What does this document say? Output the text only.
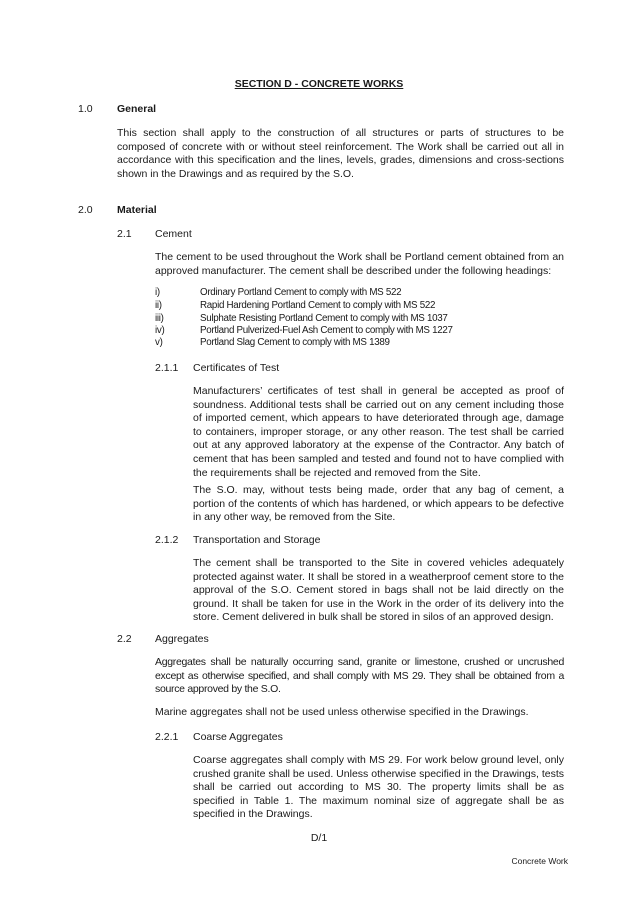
SECTION D - CONCRETE WORKS
1.0 General
This section shall apply to the construction of all structures or parts of structures to be composed of concrete with or without steel reinforcement. The Work shall be carried out all in accordance with this specification and the lines, levels, grades, dimensions and cross-sections shown in the Drawings and as required by the S.O.
2.0 Material
2.1 Cement
The cement to be used throughout the Work shall be Portland cement obtained from an approved manufacturer. The cement shall be described under the following headings:
i)	Ordinary Portland Cement to comply with MS 522
ii)	Rapid Hardening Portland Cement to comply with MS 522
iii)	Sulphate Resisting Portland Cement to comply with MS 1037
iv)	Portland Pulverized-Fuel Ash Cement to comply with MS 1227
v)	Portland Slag Cement to comply with MS 1389
2.1.1 Certificates of Test
Manufacturers’ certificates of test shall in general be accepted as proof of soundness. Additional tests shall be carried out on any cement including those of imported cement, which appears to have deteriorated through age, damage to containers, improper storage, or any other reason. The test shall be carried out at any approved laboratory at the expense of the Contractor. Any batch of cement that has been sampled and tested and found not to have complied with the requirements shall be rejected and removed from the Site.
The S.O. may, without tests being made, order that any bag of cement, a portion of the contents of which has hardened, or which appears to be defective in any other way, be removed from the Site.
2.1.2 Transportation and Storage
The cement shall be transported to the Site in covered vehicles adequately protected against water. It shall be stored in a weatherproof cement store to the approval of the S.O. Cement stored in bags shall not be laid directly on the ground. It shall be taken for use in the Work in the order of its delivery into the store. Cement delivered in bulk shall be stored in silos of an approved design.
2.2 Aggregates
Aggregates shall be naturally occurring sand, granite or limestone, crushed or uncrushed except as otherwise specified, and shall comply with MS 29. They shall be obtained from a source approved by the S.O.
Marine aggregates shall not be used unless otherwise specified in the Drawings.
2.2.1 Coarse Aggregates
Coarse aggregates shall comply with MS 29. For work below ground level, only crushed granite shall be used. Unless otherwise specified in the Drawings, tests shall be carried out according to MS 30. The property limits shall be as specified in Table 1. The maximum nominal size of aggregate shall be as specified in the Drawings.
D/1
Concrete Work
